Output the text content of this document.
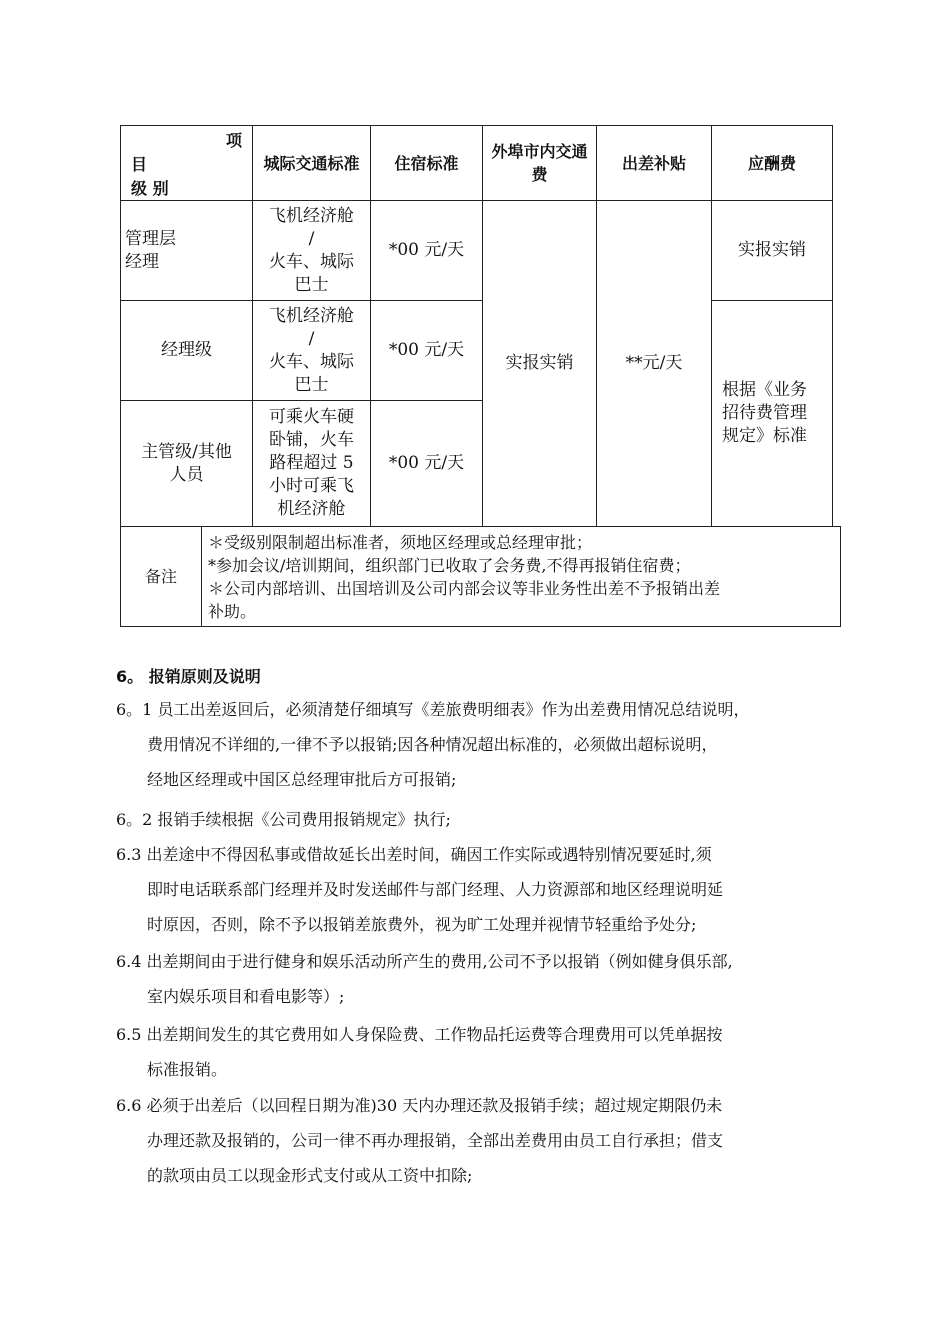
项
目
级 别	城际交通标准	住宿标准	外埠市内交通费	出差补贴	应酬费
管理层
经理	飞机经济舱
/
火车、城际
巴士	*00 元/天	实报实销	**元/天	实报实销
经理级	飞机经济舱
/
火车、城际
巴士	*00 元/天			根据《业务
招待费管理
规定》标准
主管级/其他
人员	可乘火车硬
卧铺，火车
路程超过 5
小时可乘飞
机经济舱	*00 元/天			
备注	
＊受级别限制超出标准者，须地区经理或总经理审批；
*参加会议/培训期间，组织部门已收取了会务费,不得再报销住宿费；
＊公司内部培训、出国培训及公司内部会议等非业务性出差不予报销出差
补助。
6。 报销原则及说明
6。1 员工出差返回后，必须清楚仔细填写《差旅费明细表》作为出差费用情况总结说明，
费用情况不详细的,一律不予以报销;因各种情况超出标准的，必须做出超标说明，
经地区经理或中国区总经理审批后方可报销;
6。2 报销手续根据《公司费用报销规定》执行;
6.3 出差途中不得因私事或借故延长出差时间，确因工作实际或遇特别情况要延时,须
即时电话联系部门经理并及时发送邮件与部门经理、人力资源部和地区经理说明延
时原因，否则，除不予以报销差旅费外，视为旷工处理并视情节轻重给予处分;
6.4 出差期间由于进行健身和娱乐活动所产生的费用,公司不予以报销（例如健身俱乐部,
室内娱乐项目和看电影等）;
6.5 出差期间发生的其它费用如人身保险费、工作物品托运费等合理费用可以凭单据按
标准报销。
6.6 必须于出差后（以回程日期为准)30 天内办理还款及报销手续；超过规定期限仍未
办理还款及报销的，公司一律不再办理报销，全部出差费用由员工自行承担；借支
的款项由员工以现金形式支付或从工资中扣除;
